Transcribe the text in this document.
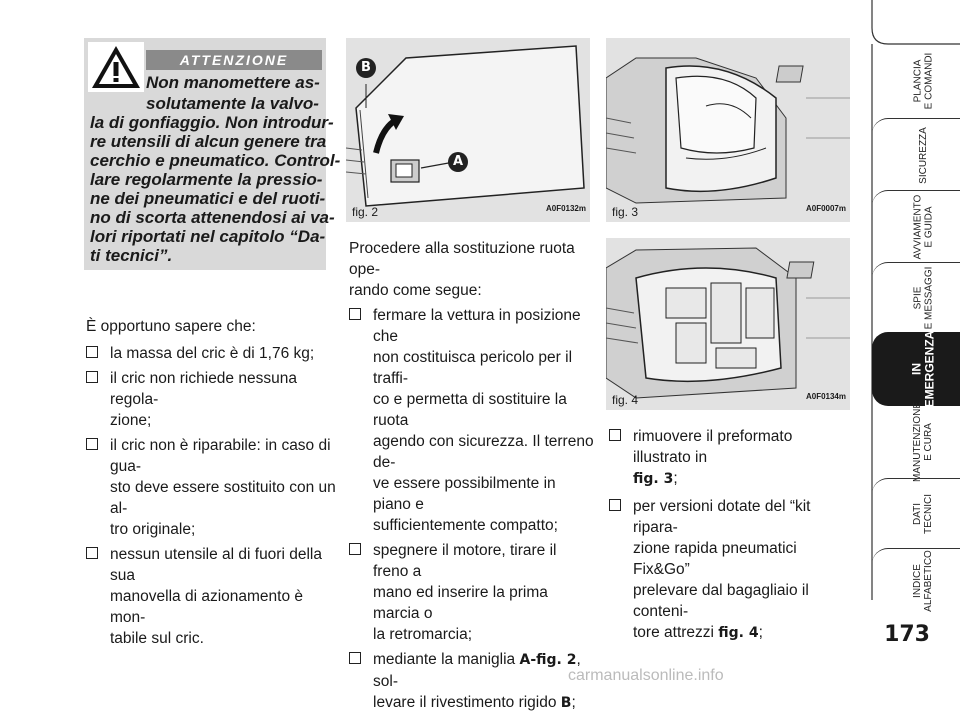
ATTENZIONE
Non manomettere as-
solutamente la valvo-
la di gonfiaggio. Non introdur-
re utensili di alcun genere tra
cerchio e pneumatico. Control-
lare regolarmente la pressio-
ne dei pneumatici e del ruoti-
no di scorta attenendosi ai va-
lori riportati nel capitolo “Da-
ti tecnici”.
È opportuno sapere che:
la massa del cric è di 1,76 kg;
il cric non richiede nessuna regola-
zione;
il cric non è riparabile: in caso di gua-
sto deve essere sostituito con un al-
tro originale;
nessun utensile al di fuori della sua
manovella di azionamento è mon-
tabile sul cric.
B
A
fig. 2	A0F0132m
Procedere alla sostituzione ruota ope-
rando come segue:
fermare la vettura in posizione che
non costituisca pericolo per il traffi-
co e permetta di sostituire la ruota
agendo con sicurezza. Il terreno de-
ve essere possibilmente in piano e
sufficientemente compatto;
spegnere il motore, tirare il freno a
mano ed inserire la prima marcia o
la retromarcia;
mediante la maniglia A-fig. 2, sol-
levare il rivestimento rigido B;
fig. 3	A0F0007m
fig. 4	A0F0134m
rimuovere il preformato illustrato in
fig. 3;
per versioni dotate del “kit ripara-
zione rapida pneumatici Fix&Go”
prelevare dal bagagliaio il conteni-
tore attrezzi fig. 4;
PLANCIA
E COMANDI
SICUREZZA
AVVIAMENTO
E GUIDA
SPIE
E MESSAGGI
IN
EMERGENZA
MANUTENZIONE
E CURA
DATI
TECNICI
INDICE
ALFABETICO
173
carmanualsonline.info
